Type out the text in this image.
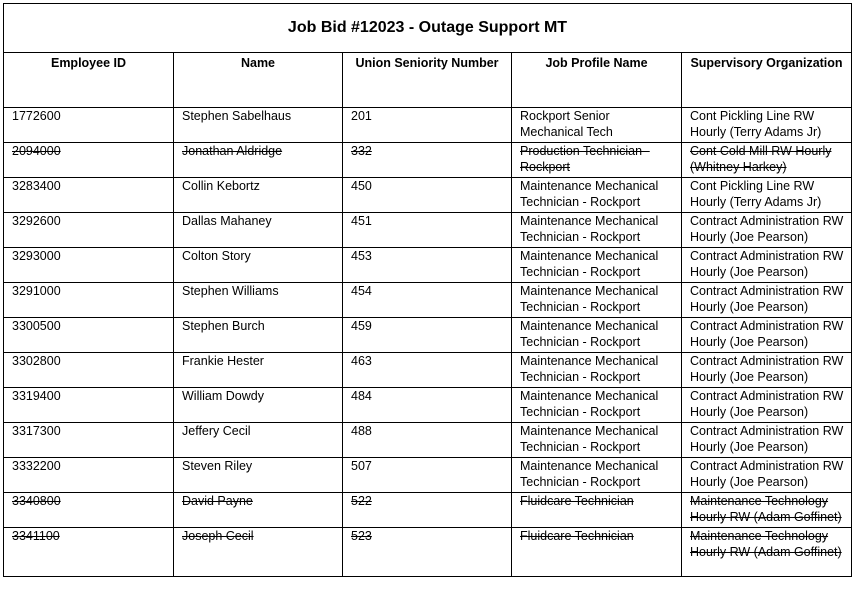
Job Bid #12023 - Outage Support MT				
Employee ID	Name	Union Seniority Number	Job Profile Name	Supervisory Organization
1772600	Stephen Sabelhaus	201	Rockport Senior Mechanical Tech	Cont Pickling Line RW Hourly (Terry Adams Jr)
2094000	Jonathan Aldridge	332	Production Technician - Rockport	Cont Cold Mill RW Hourly (Whitney Harkey)
3283400	Collin Kebortz	450	Maintenance Mechanical Technician - Rockport	Cont Pickling Line RW Hourly (Terry Adams Jr)
3292600	Dallas Mahaney	451	Maintenance Mechanical Technician - Rockport	Contract Administration RW Hourly (Joe Pearson)
3293000	Colton Story	453	Maintenance Mechanical Technician - Rockport	Contract Administration RW Hourly (Joe Pearson)
3291000	Stephen Williams	454	Maintenance Mechanical Technician - Rockport	Contract Administration RW Hourly (Joe Pearson)
3300500	Stephen Burch	459	Maintenance Mechanical Technician - Rockport	Contract Administration RW Hourly (Joe Pearson)
3302800	Frankie Hester	463	Maintenance Mechanical Technician - Rockport	Contract Administration RW Hourly (Joe Pearson)
3319400	William Dowdy	484	Maintenance Mechanical Technician - Rockport	Contract Administration RW Hourly (Joe Pearson)
3317300	Jeffery Cecil	488	Maintenance Mechanical Technician - Rockport	Contract Administration RW Hourly (Joe Pearson)
3332200	Steven Riley	507	Maintenance Mechanical Technician - Rockport	Contract Administration RW Hourly (Joe Pearson)
3340800	David Payne	522	Fluidcare Technician	Maintenance Technology Hourly RW (Adam Goffinet)
3341100	Joseph Cecil	523	Fluidcare Technician	Maintenance Technology Hourly RW (Adam Goffinet)
